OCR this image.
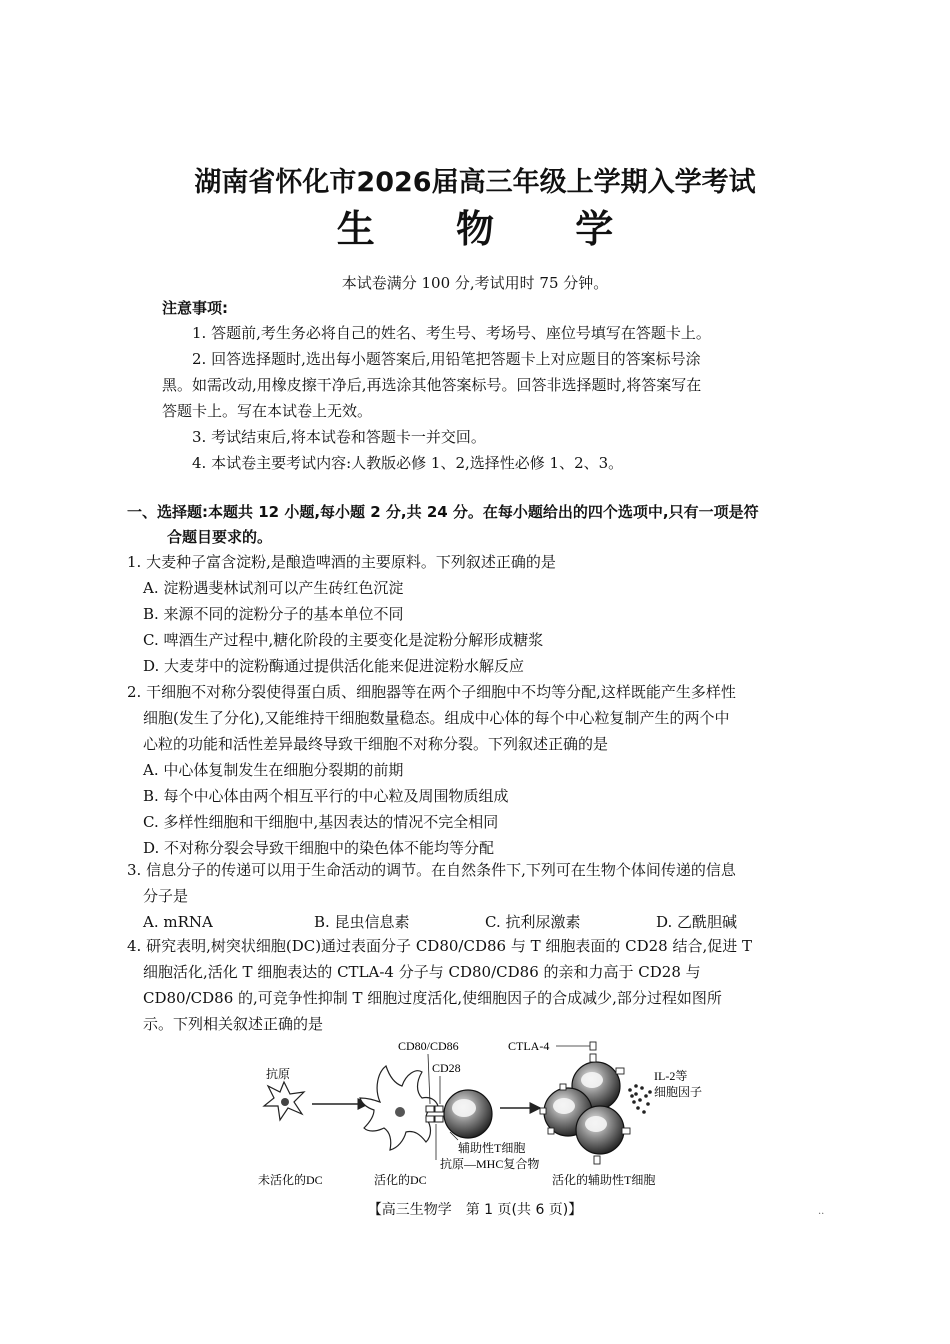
湖南省怀化市2026届高三年级上学期入学考试
生 物 学
本试卷满分 100 分,考试用时 75 分钟。
注意事项:

1. 答题前,考生务必将自己的姓名、考生号、考场号、座位号填写在答题卡上。

2. 回答选择题时,选出每小题答案后,用铅笔把答题卡上对应题目的答案标号涂

黑。如需改动,用橡皮擦干净后,再选涂其他答案标号。回答非选择题时,将答案写在

答题卡上。写在本试卷上无效。

3. 考试结束后,将本试卷和答题卡一并交回。

4. 本试卷主要考试内容:人教版必修 1、2,选择性必修 1、2、3。

一、选择题:本题共 12 小题,每小题 2 分,共 24 分。在每小题给出的四个选项中,只有一项是符
合题目要求的。

1. 大麦种子富含淀粉,是酿造啤酒的主要原料。下列叙述正确的是

A. 淀粉遇斐林试剂可以产生砖红色沉淀

B. 来源不同的淀粉分子的基本单位不同

C. 啤酒生产过程中,糖化阶段的主要变化是淀粉分解形成糖浆

D. 大麦芽中的淀粉酶通过提供活化能来促进淀粉水解反应

2. 干细胞不对称分裂使得蛋白质、细胞器等在两个子细胞中不均等分配,这样既能产生多样性

细胞(发生了分化),又能维持干细胞数量稳态。组成中心体的每个中心粒复制产生的两个中

心粒的功能和活性差异最终导致干细胞不对称分裂。下列叙述正确的是

A. 中心体复制发生在细胞分裂期的前期

B. 每个中心体由两个相互平行的中心粒及周围物质组成

C. 多样性细胞和干细胞中,基因表达的情况不完全相同

D. 不对称分裂会导致干细胞中的染色体不能均等分配

3. 信息分子的传递可以用于生命活动的调节。在自然条件下,下列可在生物个体间传递的信息

分子是

A. mRNA	B. 昆虫信息素	C. 抗利尿激素	D. 乙酰胆碱

4. 研究表明,树突状细胞(DC)通过表面分子 CD80/CD86 与 T 细胞表面的 CD28 结合,促进 T

细胞活化,活化 T 细胞表达的 CTLA-4 分子与 CD80/CD86 的亲和力高于 CD28 与

CD80/CD86 的,可竞争性抑制 T 细胞过度活化,使细胞因子的合成减少,部分过程如图所

示。下列相关叙述正确的是

抗原
CD80/CD86
CD28
辅助性T细胞
抗原—MHC复合物
CTLA-4
IL-2等
细胞因子
未活化的DC	活化的DC	活化的辅助性T细胞
【高三生物学　第 1 页(共 6 页)】	..
